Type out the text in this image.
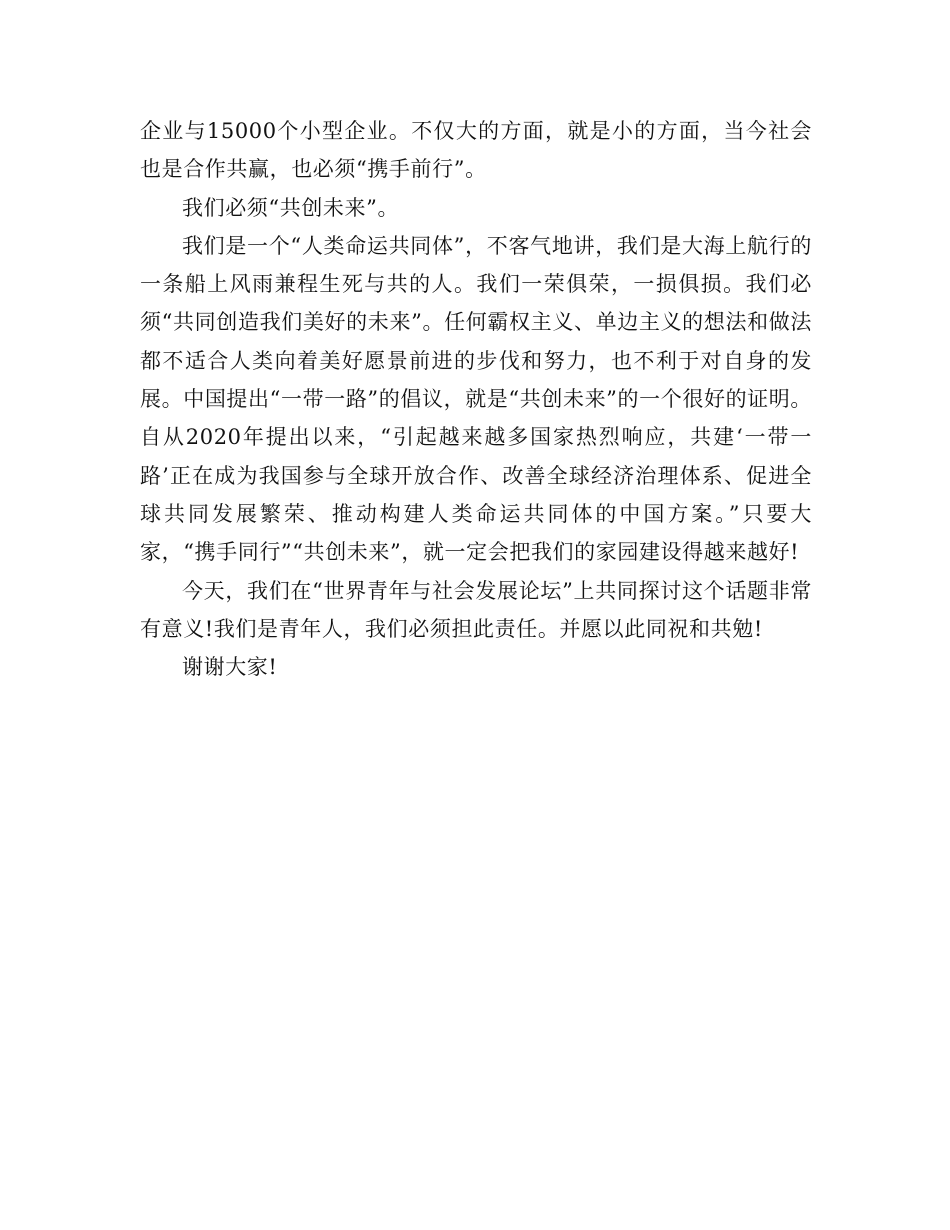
企业与15000个小型企业。不仅大的方面，就是小的方面，当今社会也是合作共赢，也必须“携手前行”。

我们必须“共创未来”。

我们是一个“人类命运共同体”，不客气地讲，我们是大海上航行的一条船上风雨兼程生死与共的人。我们一荣俱荣，一损俱损。我们必须“共同创造我们美好的未来”。任何霸权主义、单边主义的想法和做法都不适合人类向着美好愿景前进的步伐和努力，也不利于对自身的发展。中国提出“一带一路”的倡议，就是“共创未来”的一个很好的证明。自从2020年提出以来，“引起越来越多国家热烈响应，共建‘一带一路’正在成为我国参与全球开放合作、改善全球经济治理体系、促进全球共同发展繁荣、推动构建人类命运共同体的中国方案。”只要大家，“携手同行”“共创未来”，就一定会把我们的家园建设得越来越好!

今天，我们在“世界青年与社会发展论坛”上共同探讨这个话题非常有意义!我们是青年人，我们必须担此责任。并愿以此同祝和共勉!

谢谢大家!
